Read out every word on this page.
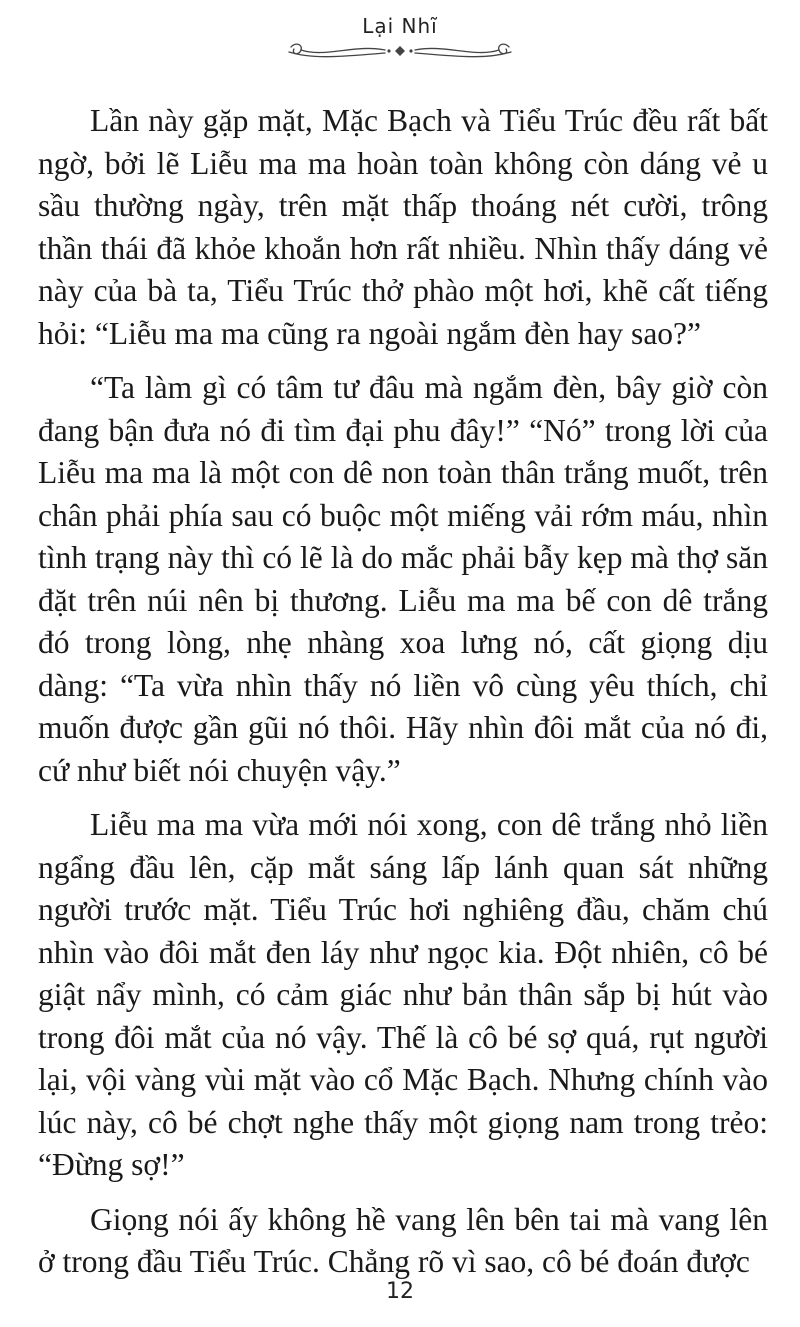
Lại Nhĩ

Lần này gặp mặt, Mặc Bạch và Tiểu Trúc đều rất bất ngờ, bởi lẽ Liễu ma ma hoàn toàn không còn dáng vẻ u sầu thường ngày, trên mặt thấp thoáng nét cười, trông thần thái đã khỏe khoắn hơn rất nhiều. Nhìn thấy dáng vẻ này của bà ta, Tiểu Trúc thở phào một hơi, khẽ cất tiếng hỏi: “Liễu ma ma cũng ra ngoài ngắm đèn hay sao?”

“Ta làm gì có tâm tư đâu mà ngắm đèn, bây giờ còn đang bận đưa nó đi tìm đại phu đây!” “Nó” trong lời của Liễu ma ma là một con dê non toàn thân trắng muốt, trên chân phải phía sau có buộc một miếng vải rớm máu, nhìn tình trạng này thì có lẽ là do mắc phải bẫy kẹp mà thợ săn đặt trên núi nên bị thương. Liễu ma ma bế con dê trắng đó trong lòng, nhẹ nhàng xoa lưng nó, cất giọng dịu dàng: “Ta vừa nhìn thấy nó liền vô cùng yêu thích, chỉ muốn được gần gũi nó thôi. Hãy nhìn đôi mắt của nó đi, cứ như biết nói chuyện vậy.”

Liễu ma ma vừa mới nói xong, con dê trắng nhỏ liền ngẩng đầu lên, cặp mắt sáng lấp lánh quan sát những người trước mặt. Tiểu Trúc hơi nghiêng đầu, chăm chú nhìn vào đôi mắt đen láy như ngọc kia. Đột nhiên, cô bé giật nẩy mình, có cảm giác như bản thân sắp bị hút vào trong đôi mắt của nó vậy. Thế là cô bé sợ quá, rụt người lại, vội vàng vùi mặt vào cổ Mặc Bạch. Nhưng chính vào lúc này, cô bé chợt nghe thấy một giọng nam trong trẻo: “Đừng sợ!”

Giọng nói ấy không hề vang lên bên tai mà vang lên ở trong đầu Tiểu Trúc. Chẳng rõ vì sao, cô bé đoán được

12
